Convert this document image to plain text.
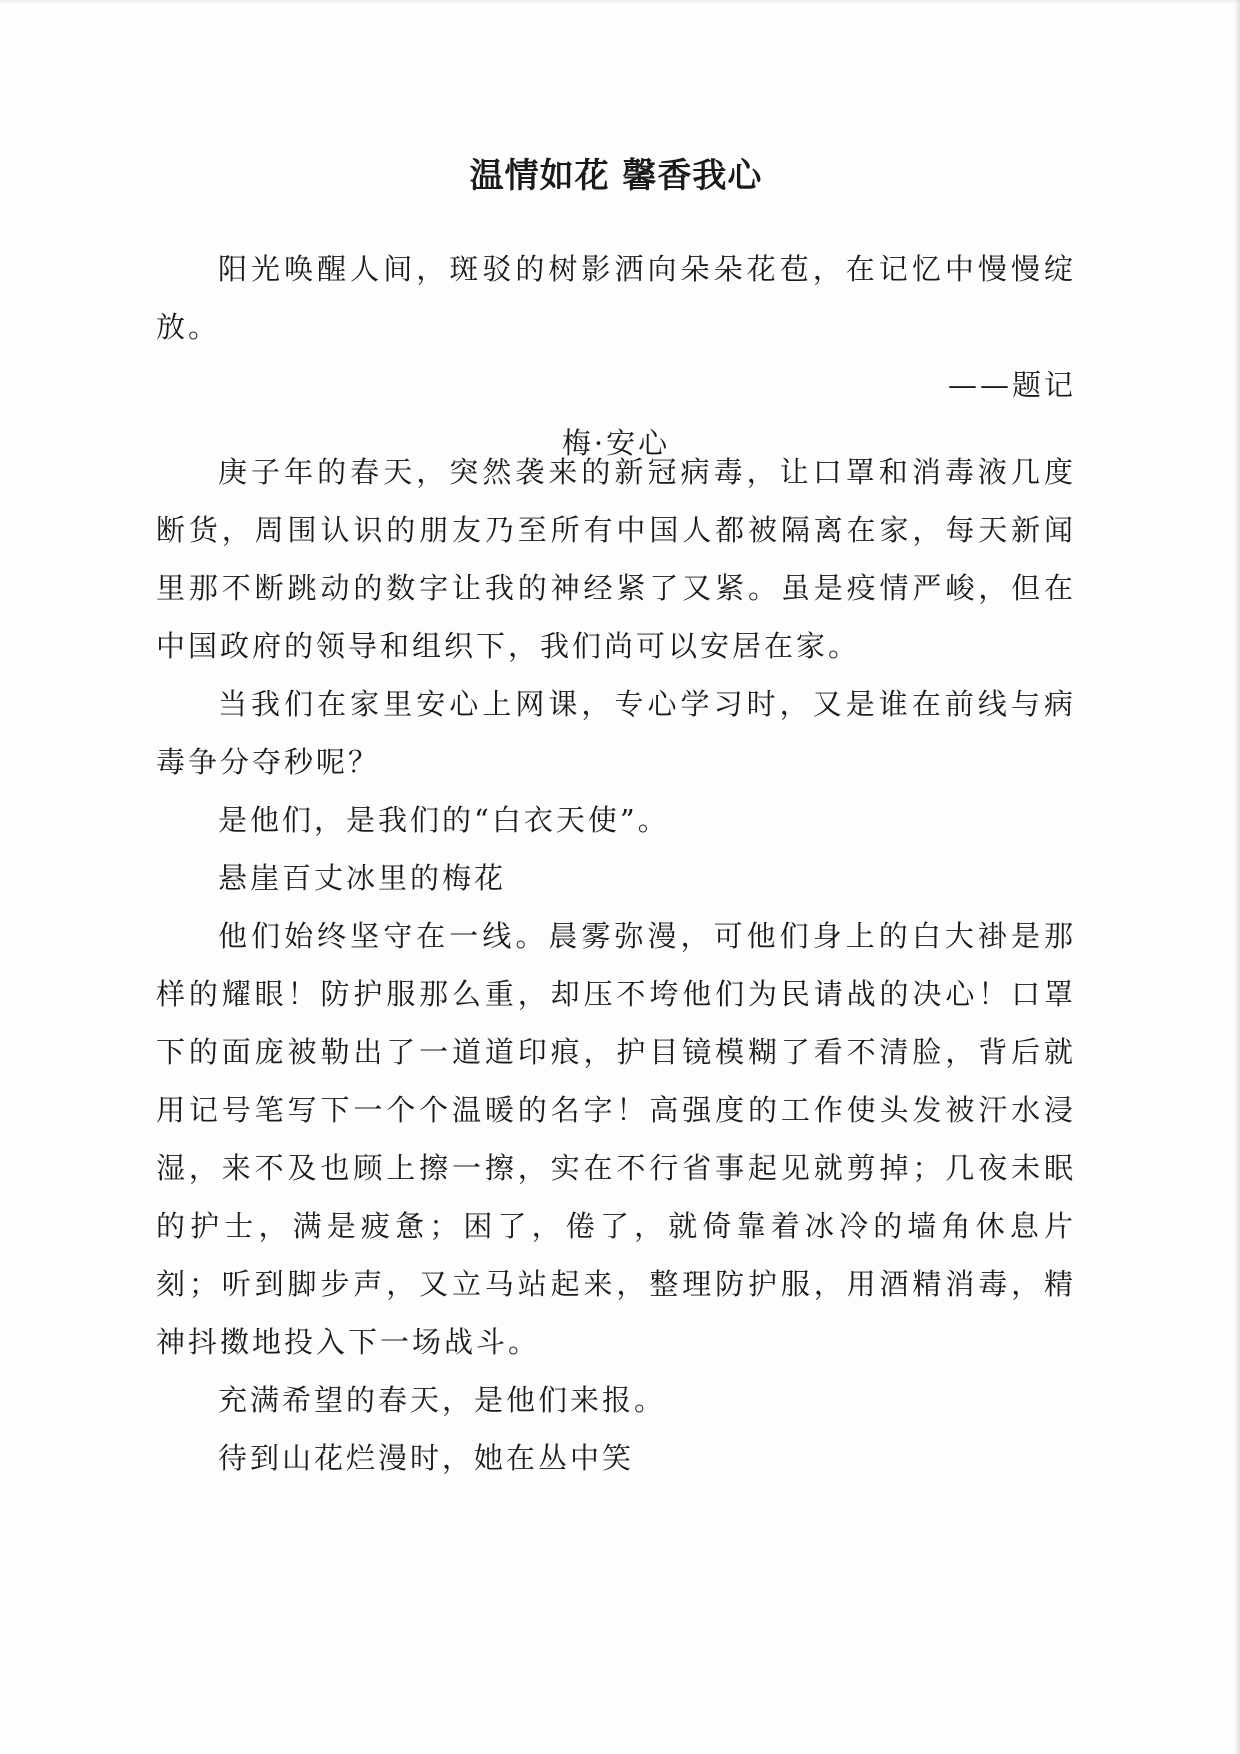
温情如花 馨香我心

阳光唤醒人间，斑驳的树影洒向朵朵花苞，在记忆中慢慢绽放。

——题记

梅·安心

庚子年的春天，突然袭来的新冠病毒，让口罩和消毒液几度断货，周围认识的朋友乃至所有中国人都被隔离在家，每天新闻里那不断跳动的数字让我的神经紧了又紧。虽是疫情严峻，但在中国政府的领导和组织下，我们尚可以安居在家。

当我们在家里安心上网课，专心学习时，又是谁在前线与病毒争分夺秒呢？

是他们，是我们的“白衣天使”。

悬崖百丈冰里的梅花

他们始终坚守在一线。晨雾弥漫，可他们身上的白大褂是那样的耀眼！防护服那么重，却压不垮他们为民请战的决心！口罩下的面庞被勒出了一道道印痕，护目镜模糊了看不清脸，背后就用记号笔写下一个个温暖的名字！高强度的工作使头发被汗水浸湿，来不及也顾上擦一擦，实在不行省事起见就剪掉；几夜未眠的护士，满是疲惫；困了，倦了，就倚靠着冰冷的墙角休息片刻；听到脚步声，又立马站起来，整理防护服，用酒精消毒，精神抖擞地投入下一场战斗。

充满希望的春天，是他们来报。

待到山花烂漫时，她在丛中笑
